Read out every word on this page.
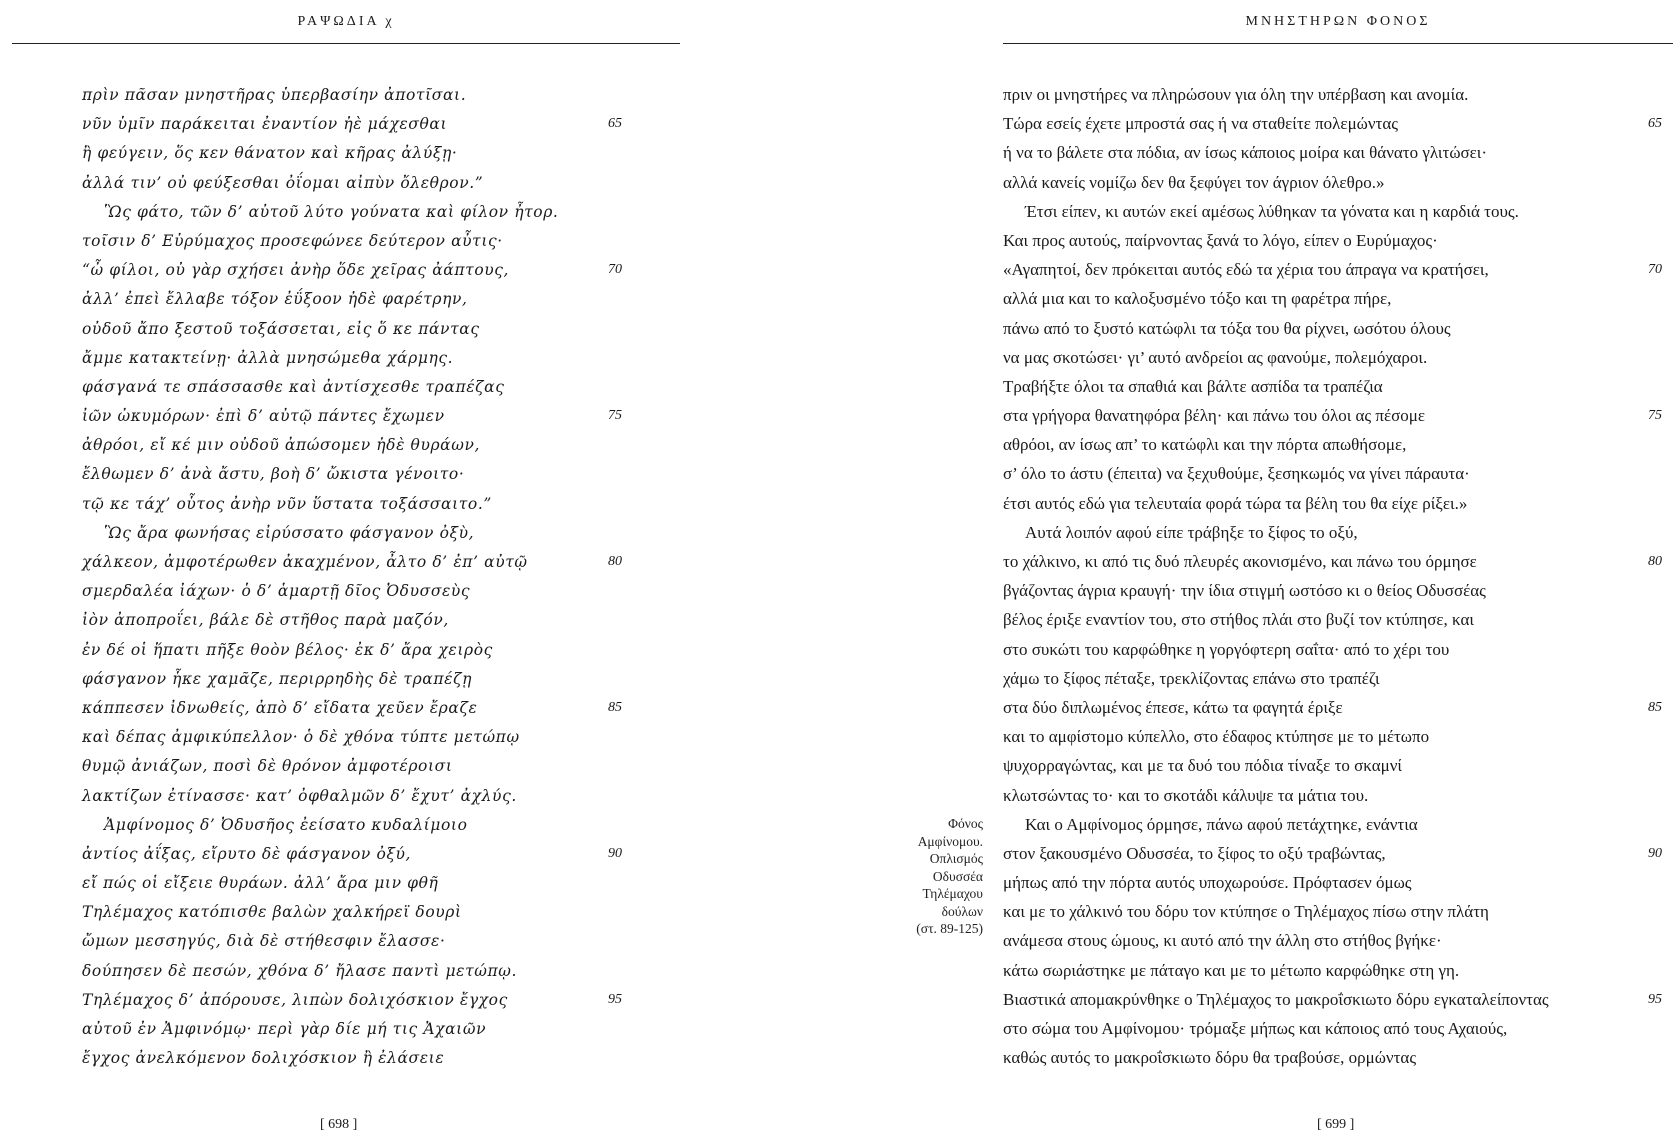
ΡΑΨΩΔΙΑ χ
πρὶν πᾶσαν μνηστῆρας ὑπερβασίην ἀποτῖσαι.
νῦν ὑμῖν παράκειται ἐναντίον ἠὲ μάχεσθαι	65
ἢ φεύγειν, ὅς κεν θάνατον καὶ κῆρας ἀλύξῃ·
ἀλλά τιν’ οὐ φεύξεσθαι ὀΐομαι αἰπὺν ὄλεθρον.”
Ὣς φάτο, τῶν δ’ αὐτοῦ λύτο γούνατα καὶ φίλον ἦτορ.
τοῖσιν δ’ Εὐρύμαχος προσεφώνεε δεύτερον αὖτις·
“ὦ φίλοι, οὐ γὰρ σχήσει ἀνὴρ ὅδε χεῖρας ἀάπτους,	70
ἀλλ’ ἐπεὶ ἔλλαβε τόξον ἐΰξοον ἠδὲ φαρέτρην,
οὐδοῦ ἄπο ξεστοῦ τοξάσσεται, εἰς ὅ κε πάντας
ἄμμε κατακτείνῃ· ἀλλὰ μνησώμεθα χάρμης.
φάσγανά τε σπάσσασθε καὶ ἀντίσχεσθε τραπέζας
ἰῶν ὠκυμόρων· ἐπὶ δ’ αὐτῷ πάντες ἔχωμεν	75
ἀθρόοι, εἴ κέ μιν οὐδοῦ ἀπώσομεν ἠδὲ θυράων,
ἔλθωμεν δ’ ἀνὰ ἄστυ, βοὴ δ’ ὤκιστα γένοιτο·
τῷ κε τάχ’ οὗτος ἀνὴρ νῦν ὕστατα τοξάσσαιτο.”
Ὣς ἄρα φωνήσας εἰρύσσατο φάσγανον ὀξὺ,
χάλκεον, ἀμφοτέρωθεν ἀκαχμένον, ἆλτο δ’ ἐπ’ αὐτῷ	80
σμερδαλέα ἰάχων· ὁ δ’ ἁμαρτῇ δῖος Ὀδυσσεὺς
ἰὸν ἀποπροΐει, βάλε δὲ στῆθος παρὰ μαζόν,
ἐν δέ οἱ ἥπατι πῆξε θοὸν βέλος· ἐκ δ’ ἄρα χειρὸς
φάσγανον ἧκε χαμᾶζε, περιρρηδὴς δὲ τραπέζῃ
κάππεσεν ἰδνωθείς, ἀπὸ δ’ εἴδατα χεῦεν ἔραζε	85
καὶ δέπας ἀμφικύπελλον· ὁ δὲ χθόνα τύπτε μετώπῳ
θυμῷ ἀνιάζων, ποσὶ δὲ θρόνον ἀμφοτέροισι
λακτίζων ἐτίνασσε· κατ’ ὀφθαλμῶν δ’ ἔχυτ’ ἀχλύς.
Ἀμφίνομος δ’ Ὀδυσῆος ἐείσατο κυδαλίμοιο
ἀντίος ἀΐξας, εἴρυτο δὲ φάσγανον ὀξύ,	90
εἴ πώς οἱ εἴξειε θυράων. ἀλλ’ ἄρα μιν φθῆ
Τηλέμαχος κατόπισθε βαλὼν χαλκήρεϊ δουρὶ
ὤμων μεσσηγύς, διὰ δὲ στήθεσφιν ἔλασσε·
δούπησεν δὲ πεσών, χθόνα δ’ ἤλασε παντὶ μετώπῳ.
Τηλέμαχος δ’ ἀπόρουσε, λιπὼν δολιχόσκιον ἔγχος	95
αὐτοῦ ἐν Ἀμφινόμῳ· περὶ γὰρ δίε μή τις Ἀχαιῶν
ἔγχος ἀνελκόμενον δολιχόσκιον ἢ ἐλάσειε
[ 698 ]
ΜΝΗΣΤΗΡΩΝ ΦΟΝΟΣ
Φόνος
Αμφίνομου.
Οπλισμός
Οδυσσέα
Τηλέμαχου
δούλων
(στ. 89-125)
πριν οι μνηστήρες να πληρώσουν για όλη την υπέρβαση και ανομία.
Τώρα εσείς έχετε μπροστά σας ή να σταθείτε πολεμώντας	65
ή να το βάλετε στα πόδια, αν ίσως κάποιος μοίρα και θάνατο γλιτώσει·
αλλά κανείς νομίζω δεν θα ξεφύγει τον άγριον όλεθρο.»
Έτσι είπεν, κι αυτών εκεί αμέσως λύθηκαν τα γόνατα και η καρδιά τους.
Και προς αυτούς, παίρνοντας ξανά το λόγο, είπεν ο Ευρύμαχος·
«Αγαπητοί, δεν πρόκειται αυτός εδώ τα χέρια του άπραγα να κρατήσει,	70
αλλά μια και το καλοξυσμένο τόξο και τη φαρέτρα πήρε,
πάνω από το ξυστό κατώφλι τα τόξα του θα ρίχνει, ωσότου όλους
να μας σκοτώσει· γι’ αυτό ανδρείοι ας φανούμε, πολεμόχαροι.
Τραβήξτε όλοι τα σπαθιά και βάλτε ασπίδα τα τραπέζια
στα γρήγορα θανατηφόρα βέλη· και πάνω του όλοι ας πέσομε	75
αθρόοι, αν ίσως απ’ το κατώφλι και την πόρτα απωθήσομε,
σ’ όλο το άστυ (έπειτα) να ξεχυθούμε, ξεσηκωμός να γίνει πάραυτα·
έτσι αυτός εδώ για τελευταία φορά τώρα τα βέλη του θα είχε ρίξει.»
Αυτά λοιπόν αφού είπε τράβηξε το ξίφος το οξύ,
το χάλκινο, κι από τις δυό πλευρές ακονισμένο, και πάνω του όρμησε	80
βγάζοντας άγρια κραυγή· την ίδια στιγμή ωστόσο κι ο θείος Οδυσσέας
βέλος έριξε εναντίον του, στο στήθος πλάι στο βυζί τον κτύπησε, και
στο συκώτι του καρφώθηκε η γοργόφτερη σαΐτα· από το χέρι του
χάμω το ξίφος πέταξε, τρεκλίζοντας επάνω στο τραπέζι
στα δύο διπλωμένος έπεσε, κάτω τα φαγητά έριξε	85
και το αμφίστομο κύπελλο, στο έδαφος κτύπησε με το μέτωπο
ψυχορραγώντας, και με τα δυό του πόδια τίναξε το σκαμνί
κλωτσώντας το· και το σκοτάδι κάλυψε τα μάτια του.
Και ο Αμφίνομος όρμησε, πάνω αφού πετάχτηκε, ενάντια
στον ξακουσμένο Οδυσσέα, το ξίφος το οξύ τραβώντας,	90
μήπως από την πόρτα αυτός υποχωρούσε. Πρόφτασεν όμως
και με το χάλκινό του δόρυ τον κτύπησε ο Τηλέμαχος πίσω στην πλάτη
ανάμεσα στους ώμους, κι αυτό από την άλλη στο στήθος βγήκε·
κάτω σωριάστηκε με πάταγο και με το μέτωπο καρφώθηκε στη γη.
Βιαστικά απομακρύνθηκε ο Τηλέμαχος το μακροΐσκιωτο δόρυ εγκαταλείποντας	95
στο σώμα του Αμφίνομου· τρόμαξε μήπως και κάποιος από τους Αχαιούς,
καθώς αυτός το μακροΐσκιωτο δόρυ θα τραβούσε, ορμώντας
[ 699 ]
